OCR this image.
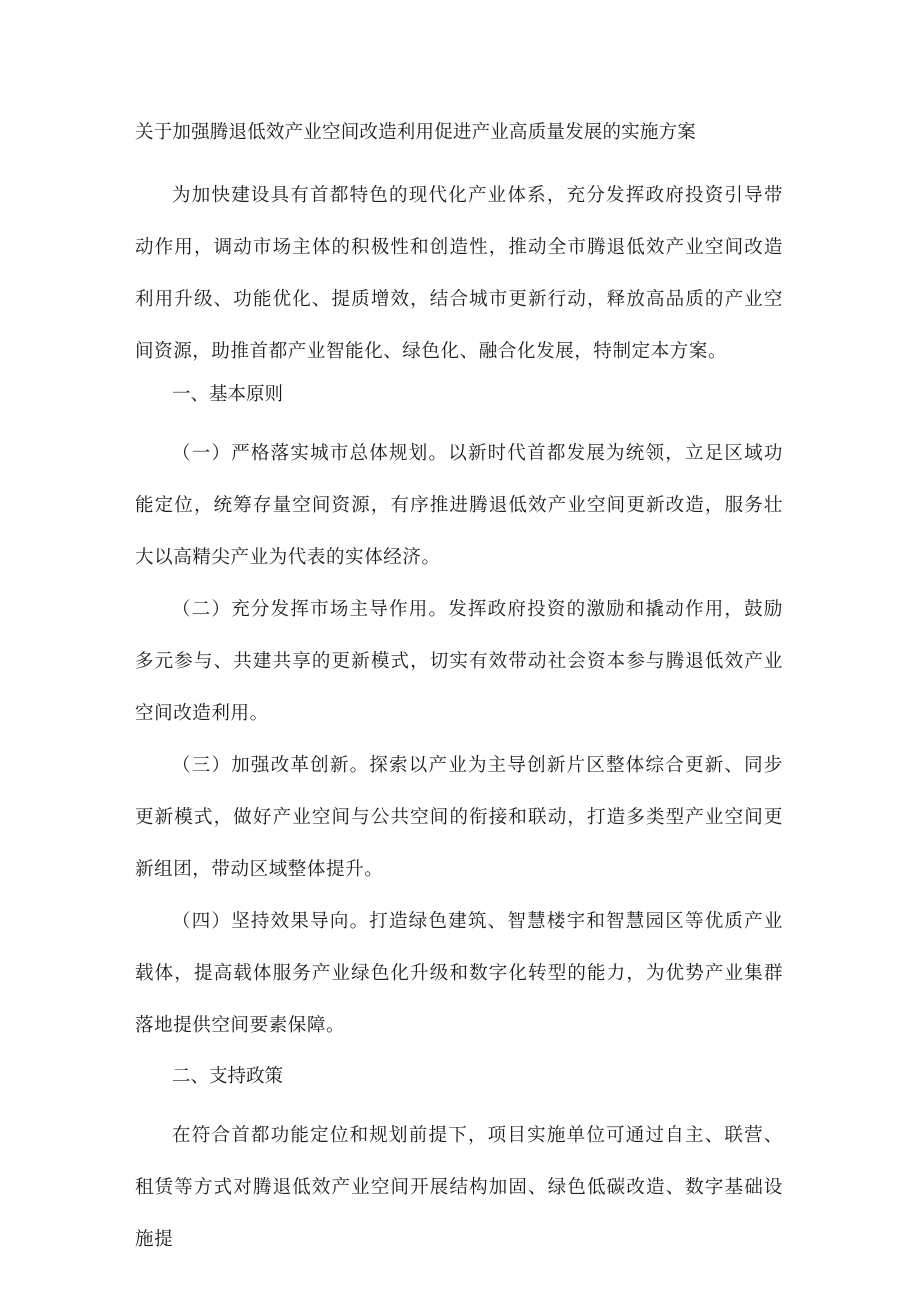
关于加强腾退低效产业空间改造利用促进产业高质量发展的实施方案

为加快建设具有首都特色的现代化产业体系，充分发挥政府投资引导带动作用，调动市场主体的积极性和创造性，推动全市腾退低效产业空间改造利用升级、功能优化、提质增效，结合城市更新行动，释放高品质的产业空间资源，助推首都产业智能化、绿色化、融合化发展，特制定本方案。

一、基本原则

（一）严格落实城市总体规划。以新时代首都发展为统领，立足区域功能定位，统筹存量空间资源，有序推进腾退低效产业空间更新改造，服务壮大以高精尖产业为代表的实体经济。

（二）充分发挥市场主导作用。发挥政府投资的激励和撬动作用，鼓励多元参与、共建共享的更新模式，切实有效带动社会资本参与腾退低效产业空间改造利用。

（三）加强改革创新。探索以产业为主导创新片区整体综合更新、同步更新模式，做好产业空间与公共空间的衔接和联动，打造多类型产业空间更新组团，带动区域整体提升。

（四）坚持效果导向。打造绿色建筑、智慧楼宇和智慧园区等优质产业载体，提高载体服务产业绿色化升级和数字化转型的能力，为优势产业集群落地提供空间要素保障。

二、支持政策

在符合首都功能定位和规划前提下，项目实施单位可通过自主、联营、租赁等方式对腾退低效产业空间开展结构加固、绿色低碳改造、数字基础设施提
